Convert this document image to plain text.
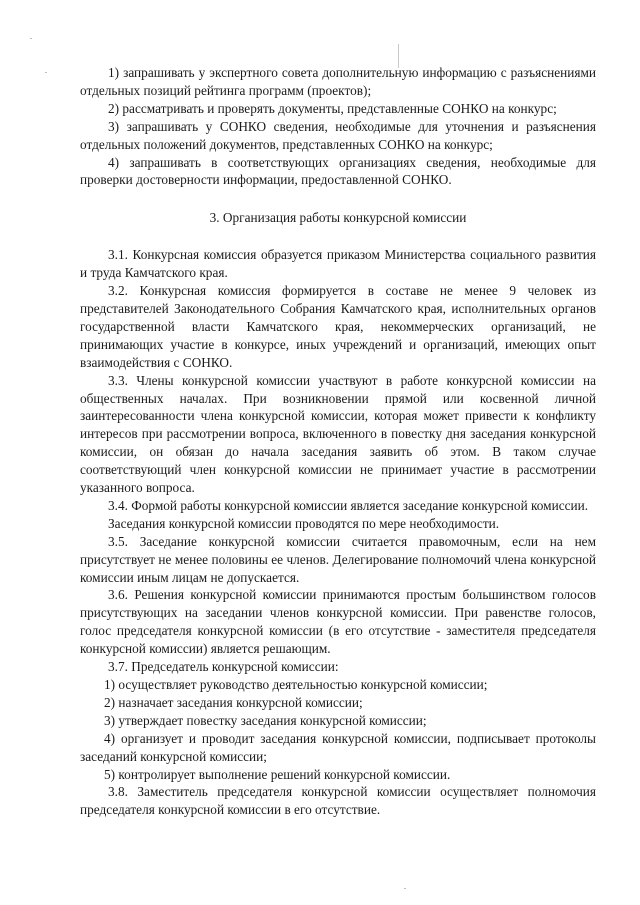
1) запрашивать у экспертного совета дополнительную информацию с разъяснениями отдельных позиций рейтинга программ (проектов);

2) рассматривать и проверять документы, представленные СОНКО на конкурс;

3) запрашивать у СОНКО сведения, необходимые для уточнения и разъяснения отдельных положений документов, представленных СОНКО на конкурс;

4) запрашивать в соответствующих организациях сведения, необходимые для проверки достоверности информации, предоставленной СОНКО.

3. Организация работы конкурсной комиссии

3.1. Конкурсная комиссия образуется приказом Министерства социального развития и труда Камчатского края.

3.2. Конкурсная комиссия формируется в составе не менее 9 человек из представителей Законодательного Собрания Камчатского края, исполнительных органов государственной власти Камчатского края, некоммерческих организаций, не принимающих участие в конкурсе, иных учреждений и организаций, имеющих опыт взаимодействия с СОНКО.

3.3. Члены конкурсной комиссии участвуют в работе конкурсной комиссии на общественных началах. При возникновении прямой или косвенной личной заинтересованности члена конкурсной комиссии, которая может привести к конфликту интересов при рассмотрении вопроса, включенного в повестку дня заседания конкурсной комиссии, он обязан до начала заседания заявить об этом. В таком случае соответствующий член конкурсной комиссии не принимает участие в рассмотрении указанного вопроса.

3.4. Формой работы конкурсной комиссии является заседание конкурсной комиссии.

Заседания конкурсной комиссии проводятся по мере необходимости.

3.5. Заседание конкурсной комиссии считается правомочным, если на нем присутствует не менее половины ее членов. Делегирование полномочий члена конкурсной комиссии иным лицам не допускается.

3.6. Решения конкурсной комиссии принимаются простым большинством голосов присутствующих на заседании членов конкурсной комиссии. При равенстве голосов, голос председателя конкурсной комиссии (в его отсутствие - заместителя председателя конкурсной комиссии) является решающим.

3.7. Председатель конкурсной комиссии:

1) осуществляет руководство деятельностью конкурсной комиссии;

2) назначает заседания конкурсной комиссии;

3) утверждает повестку заседания конкурсной комиссии;

4) организует и проводит заседания конкурсной комиссии, подписывает протоколы заседаний конкурсной комиссии;

5) контролирует выполнение решений конкурсной комиссии.

3.8. Заместитель председателя конкурсной комиссии осуществляет полномочия председателя конкурсной комиссии в его отсутствие.
